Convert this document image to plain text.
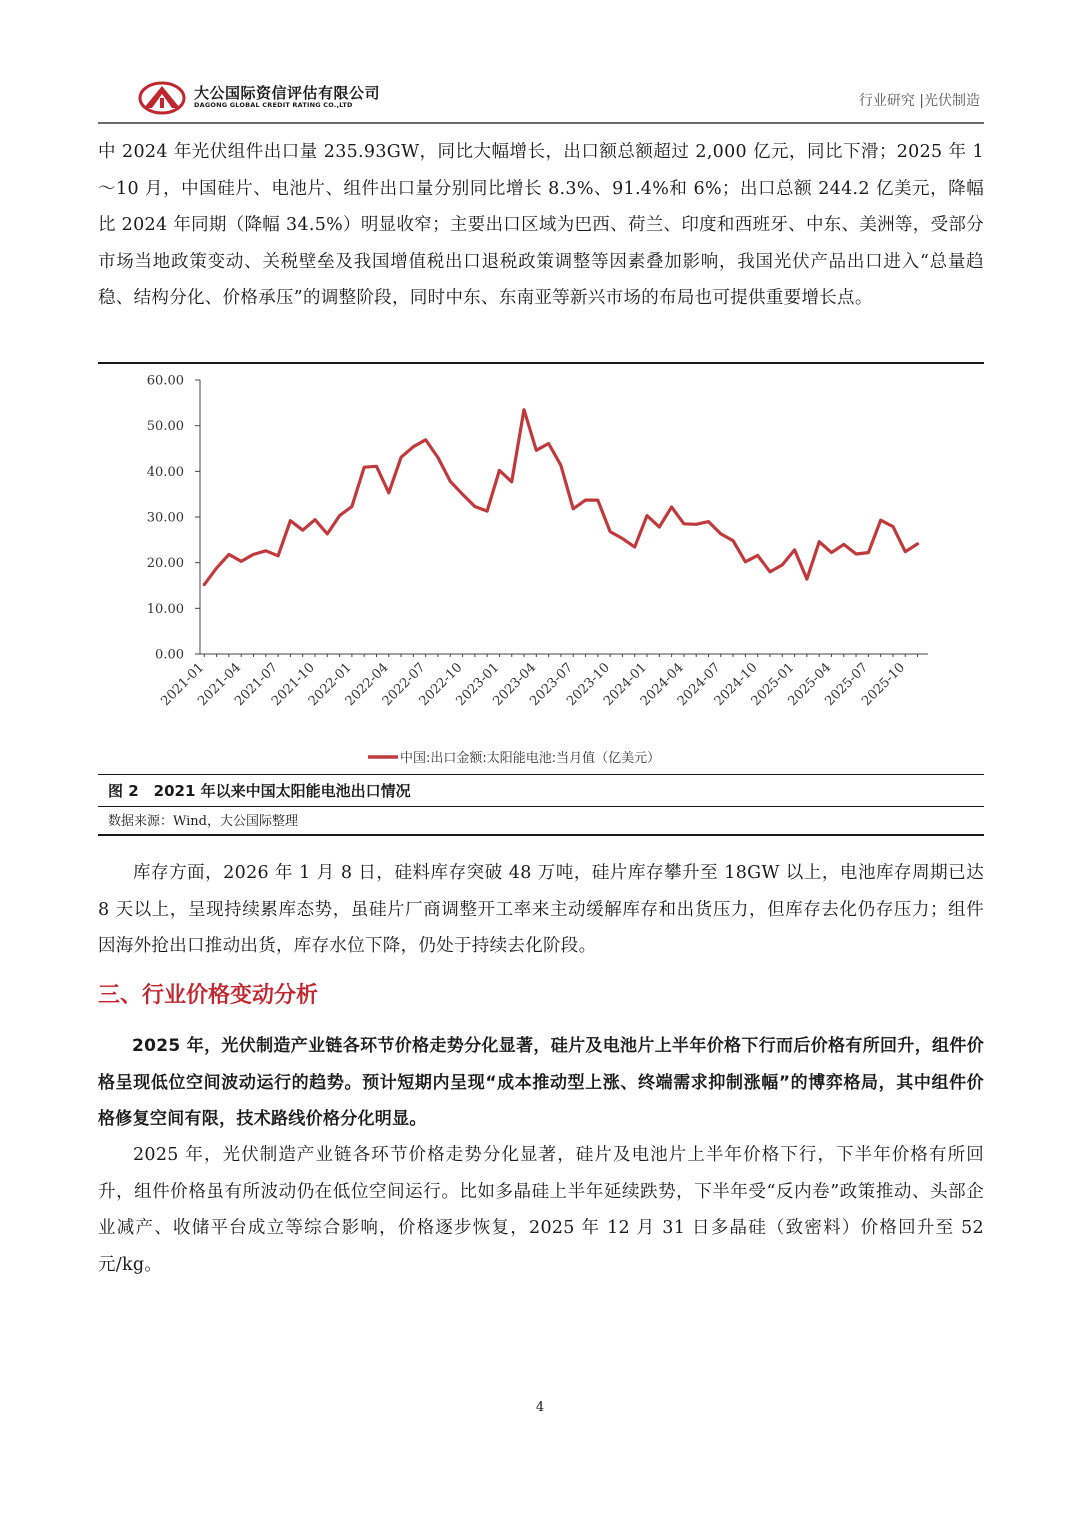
大公国际资信评估有限公司
DAGONG GLOBAL CREDIT RATING CO.,LTD	行业研究 |光伏制造
中 2024 年光伏组件出口量 235.93GW，同比大幅增长，出口额总额超过 2,000 亿元，同比下滑；2025 年 1～10 月，中国硅片、电池片、组件出口量分别同比增长 8.3%、91.4%和 6%；出口总额 244.2 亿美元，降幅比 2024 年同期（降幅 34.5%）明显收窄；主要出口区域为巴西、荷兰、印度和西班牙、中东、美洲等，受部分市场当地政策变动、关税壁垒及我国增值税出口退税政策调整等因素叠加影响，我国光伏产品出口进入“总量趋稳、结构分化、价格承压”的调整阶段，同时中东、东南亚等新兴市场的布局也可提供重要增长点。
0.00
10.00
20.00
30.00
40.00
50.00
60.00
2021-01
2021-04
2021-07
2021-10
2022-01
2022-04
2022-07
2022-10
2023-01
2023-04
2023-07
2023-10
2024-01
2024-04
2024-07
2024-10
2025-01
2025-04
2025-07
2025-10
中国:出口金额:太阳能电池:当月值（亿美元）
图 2　2021 年以来中国太阳能电池出口情况
数据来源：Wind，大公国际整理
库存方面，2026 年 1 月 8 日，硅料库存突破 48 万吨，硅片库存攀升至 18GW 以上，电池库存周期已达 8 天以上，呈现持续累库态势，虽硅片厂商调整开工率来主动缓解库存和出货压力，但库存去化仍存压力；组件因海外抢出口推动出货，库存水位下降，仍处于持续去化阶段。
三、行业价格变动分析
2025 年，光伏制造产业链各环节价格走势分化显著，硅片及电池片上半年价格下行而后价格有所回升，组件价格呈现低位空间波动运行的趋势。预计短期内呈现“成本推动型上涨、终端需求抑制涨幅”的博弈格局，其中组件价格修复空间有限，技术路线价格分化明显。
2025 年，光伏制造产业链各环节价格走势分化显著，硅片及电池片上半年价格下行，下半年价格有所回升，组件价格虽有所波动仍在低位空间运行。比如多晶硅上半年延续跌势，下半年受“反内卷”政策推动、头部企业减产、收储平台成立等综合影响，价格逐步恢复，2025 年 12 月 31 日多晶硅（致密料）价格回升至 52 元/kg。
4
